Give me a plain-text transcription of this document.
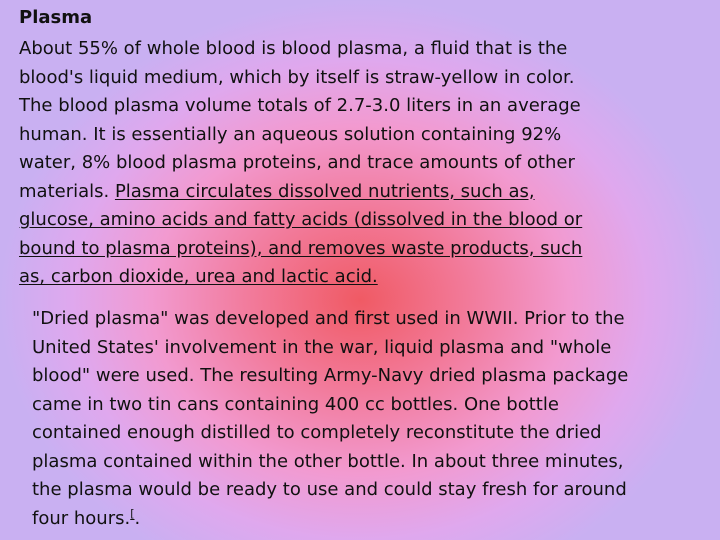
Plasma
About 55% of whole blood is blood plasma, a fluid that is the
blood's liquid medium, which by itself is straw-yellow in color.
The blood plasma volume totals of 2.7-3.0 liters in an average
human. It is essentially an aqueous solution containing 92%
water, 8% blood plasma proteins, and trace amounts of other
materials. Plasma circulates dissolved nutrients, such as,
glucose, amino acids and fatty acids (dissolved in the blood or
bound to plasma proteins), and removes waste products, such
as, carbon dioxide, urea and lactic acid.
"Dried plasma" was developed and first used in WWII. Prior to the
United States' involvement in the war, liquid plasma and "whole
blood" were used. The resulting Army-Navy dried plasma package
came in two tin cans containing 400 cc bottles. One bottle
contained enough distilled to completely reconstitute the dried
plasma contained within the other bottle. In about three minutes,
the plasma would be ready to use and could stay fresh for around
four hours.[.
